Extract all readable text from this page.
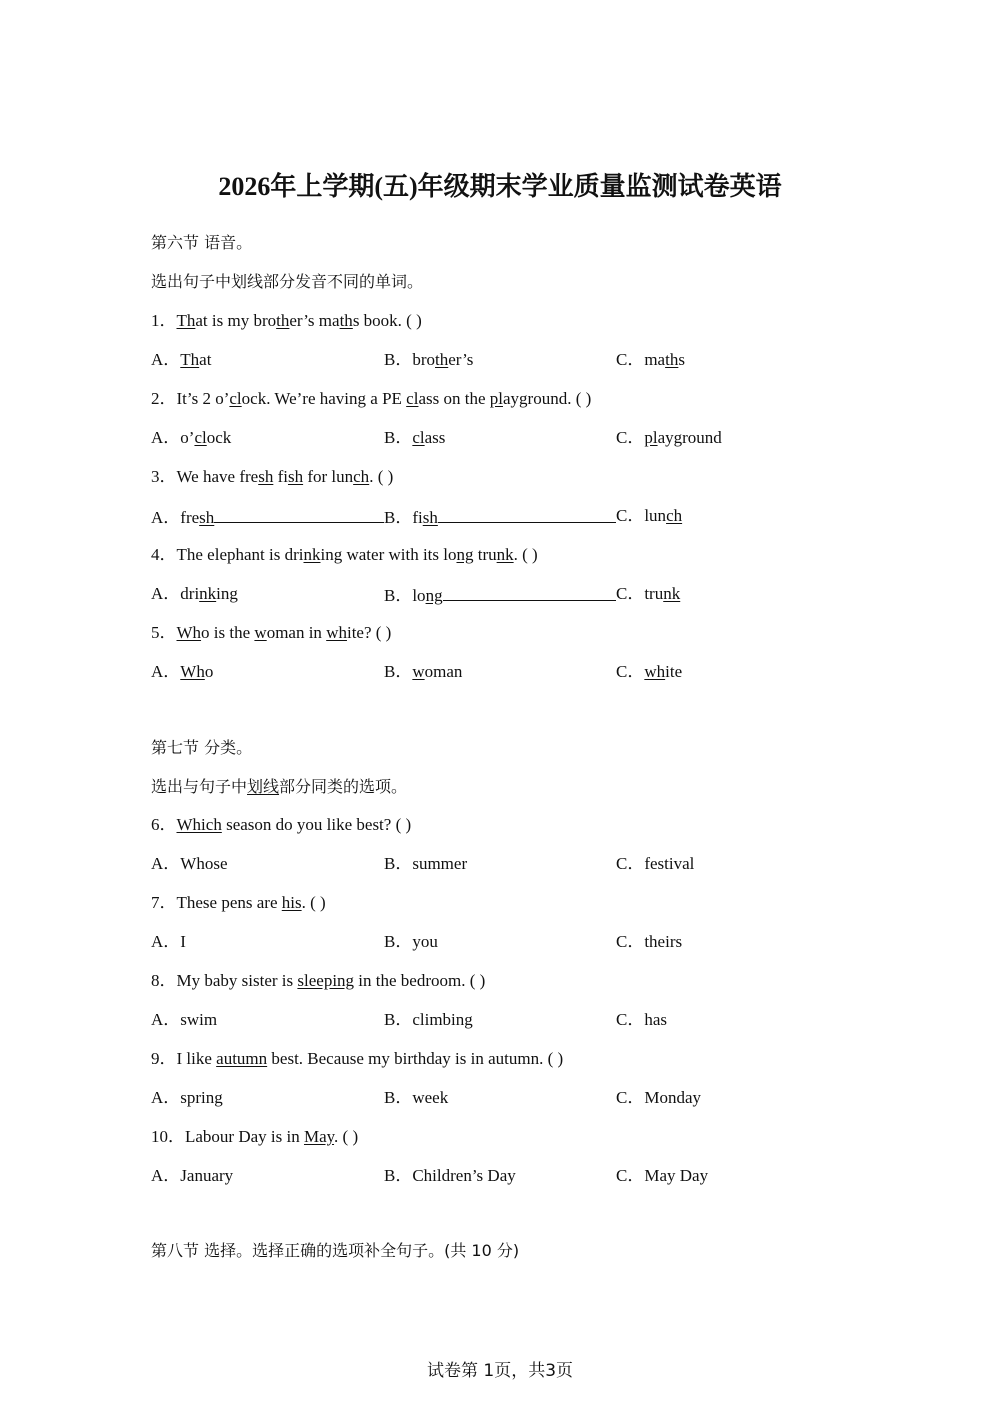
2026年上学期(五)年级期末学业质量监测试卷英语
第六节 语音。
选出句子中划线部分发音不同的单词。
1．That is my brother’s maths book. ( )
A．That	B．brother’s	C．maths
2．It’s 2 o’clock. We’re having a PE class on the playground. ( )
A．o’clock	B．class	C．playground
3．We have fresh fish for lunch. ( )
A．fresh	B．fish	C．lunch
4．The elephant is drinking water with its long trunk. ( )
A．drinking	B．long	C．trunk
5．Who is the woman in white? ( )
A．Who	B．woman	C．white
第七节 分类。
选出与句子中划线部分同类的选项。
6．Which season do you like best? ( )
A．Whose	B．summer	C．festival
7．These pens are his. ( )
A．I	B．you	C．theirs
8．My baby sister is sleeping in the bedroom. ( )
A．swim	B．climbing	C．has
9．I like autumn best. Because my birthday is in autumn. ( )
A．spring	B．week	C．Monday
10．Labour Day is in May. ( )
A．January	B．Children’s Day	C．May Day
第八节 选择。选择正确的选项补全句子。(共 10 分)
试卷第 1页，共3页
